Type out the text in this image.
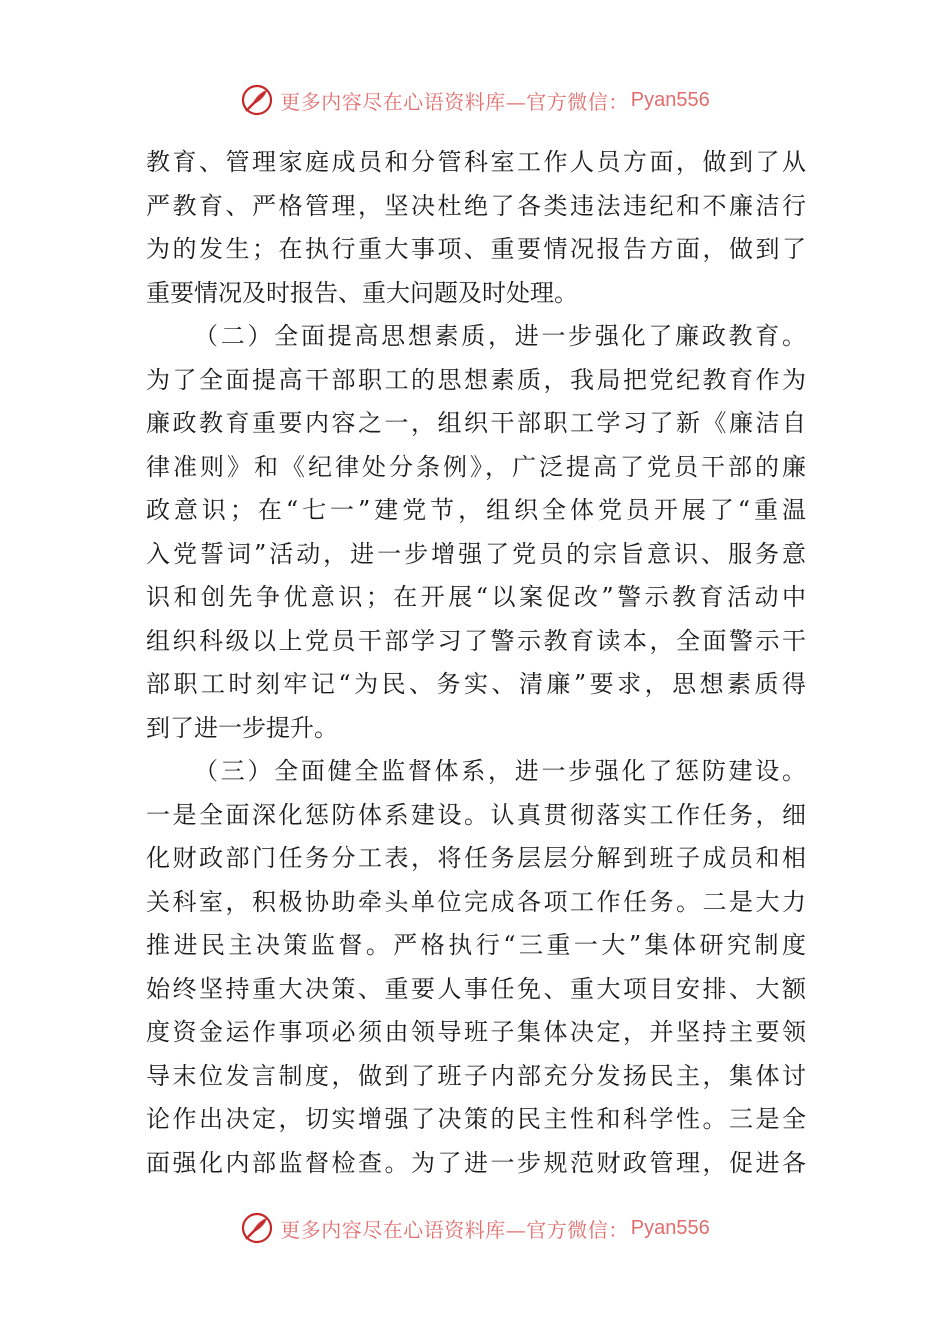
更多内容尽在心语资料库—官方微信： Pyan556
教育、管理家庭成员和分管科室工作人员方面，做到了从
严教育、严格管理，坚决杜绝了各类违法违纪和不廉洁行
为的发生；在执行重大事项、重要情况报告方面，做到了
重要情况及时报告、重大问题及时处理。
（二）全面提高思想素质，进一步强化了廉政教育。
为了全面提高干部职工的思想素质，我局把党纪教育作为
廉政教育重要内容之一，组织干部职工学习了新《廉洁自
律准则》和《纪律处分条例》，广泛提高了党员干部的廉
政意识；在“七一”建党节，组织全体党员开展了“重温
入党誓词”活动，进一步增强了党员的宗旨意识、服务意
识和创先争优意识；在开展“以案促改”警示教育活动中
组织科级以上党员干部学习了警示教育读本，全面警示干
部职工时刻牢记“为民、务实、清廉”要求，思想素质得
到了进一步提升。
（三）全面健全监督体系，进一步强化了惩防建设。
一是全面深化惩防体系建设。认真贯彻落实工作任务，细
化财政部门任务分工表，将任务层层分解到班子成员和相
关科室，积极协助牵头单位完成各项工作任务。二是大力
推进民主决策监督。严格执行“三重一大”集体研究制度
始终坚持重大决策、重要人事任免、重大项目安排、大额
度资金运作事项必须由领导班子集体决定，并坚持主要领
导末位发言制度，做到了班子内部充分发扬民主，集体讨
论作出决定，切实增强了决策的民主性和科学性。三是全
面强化内部监督检查。为了进一步规范财政管理，促进各
更多内容尽在心语资料库—官方微信： Pyan556
